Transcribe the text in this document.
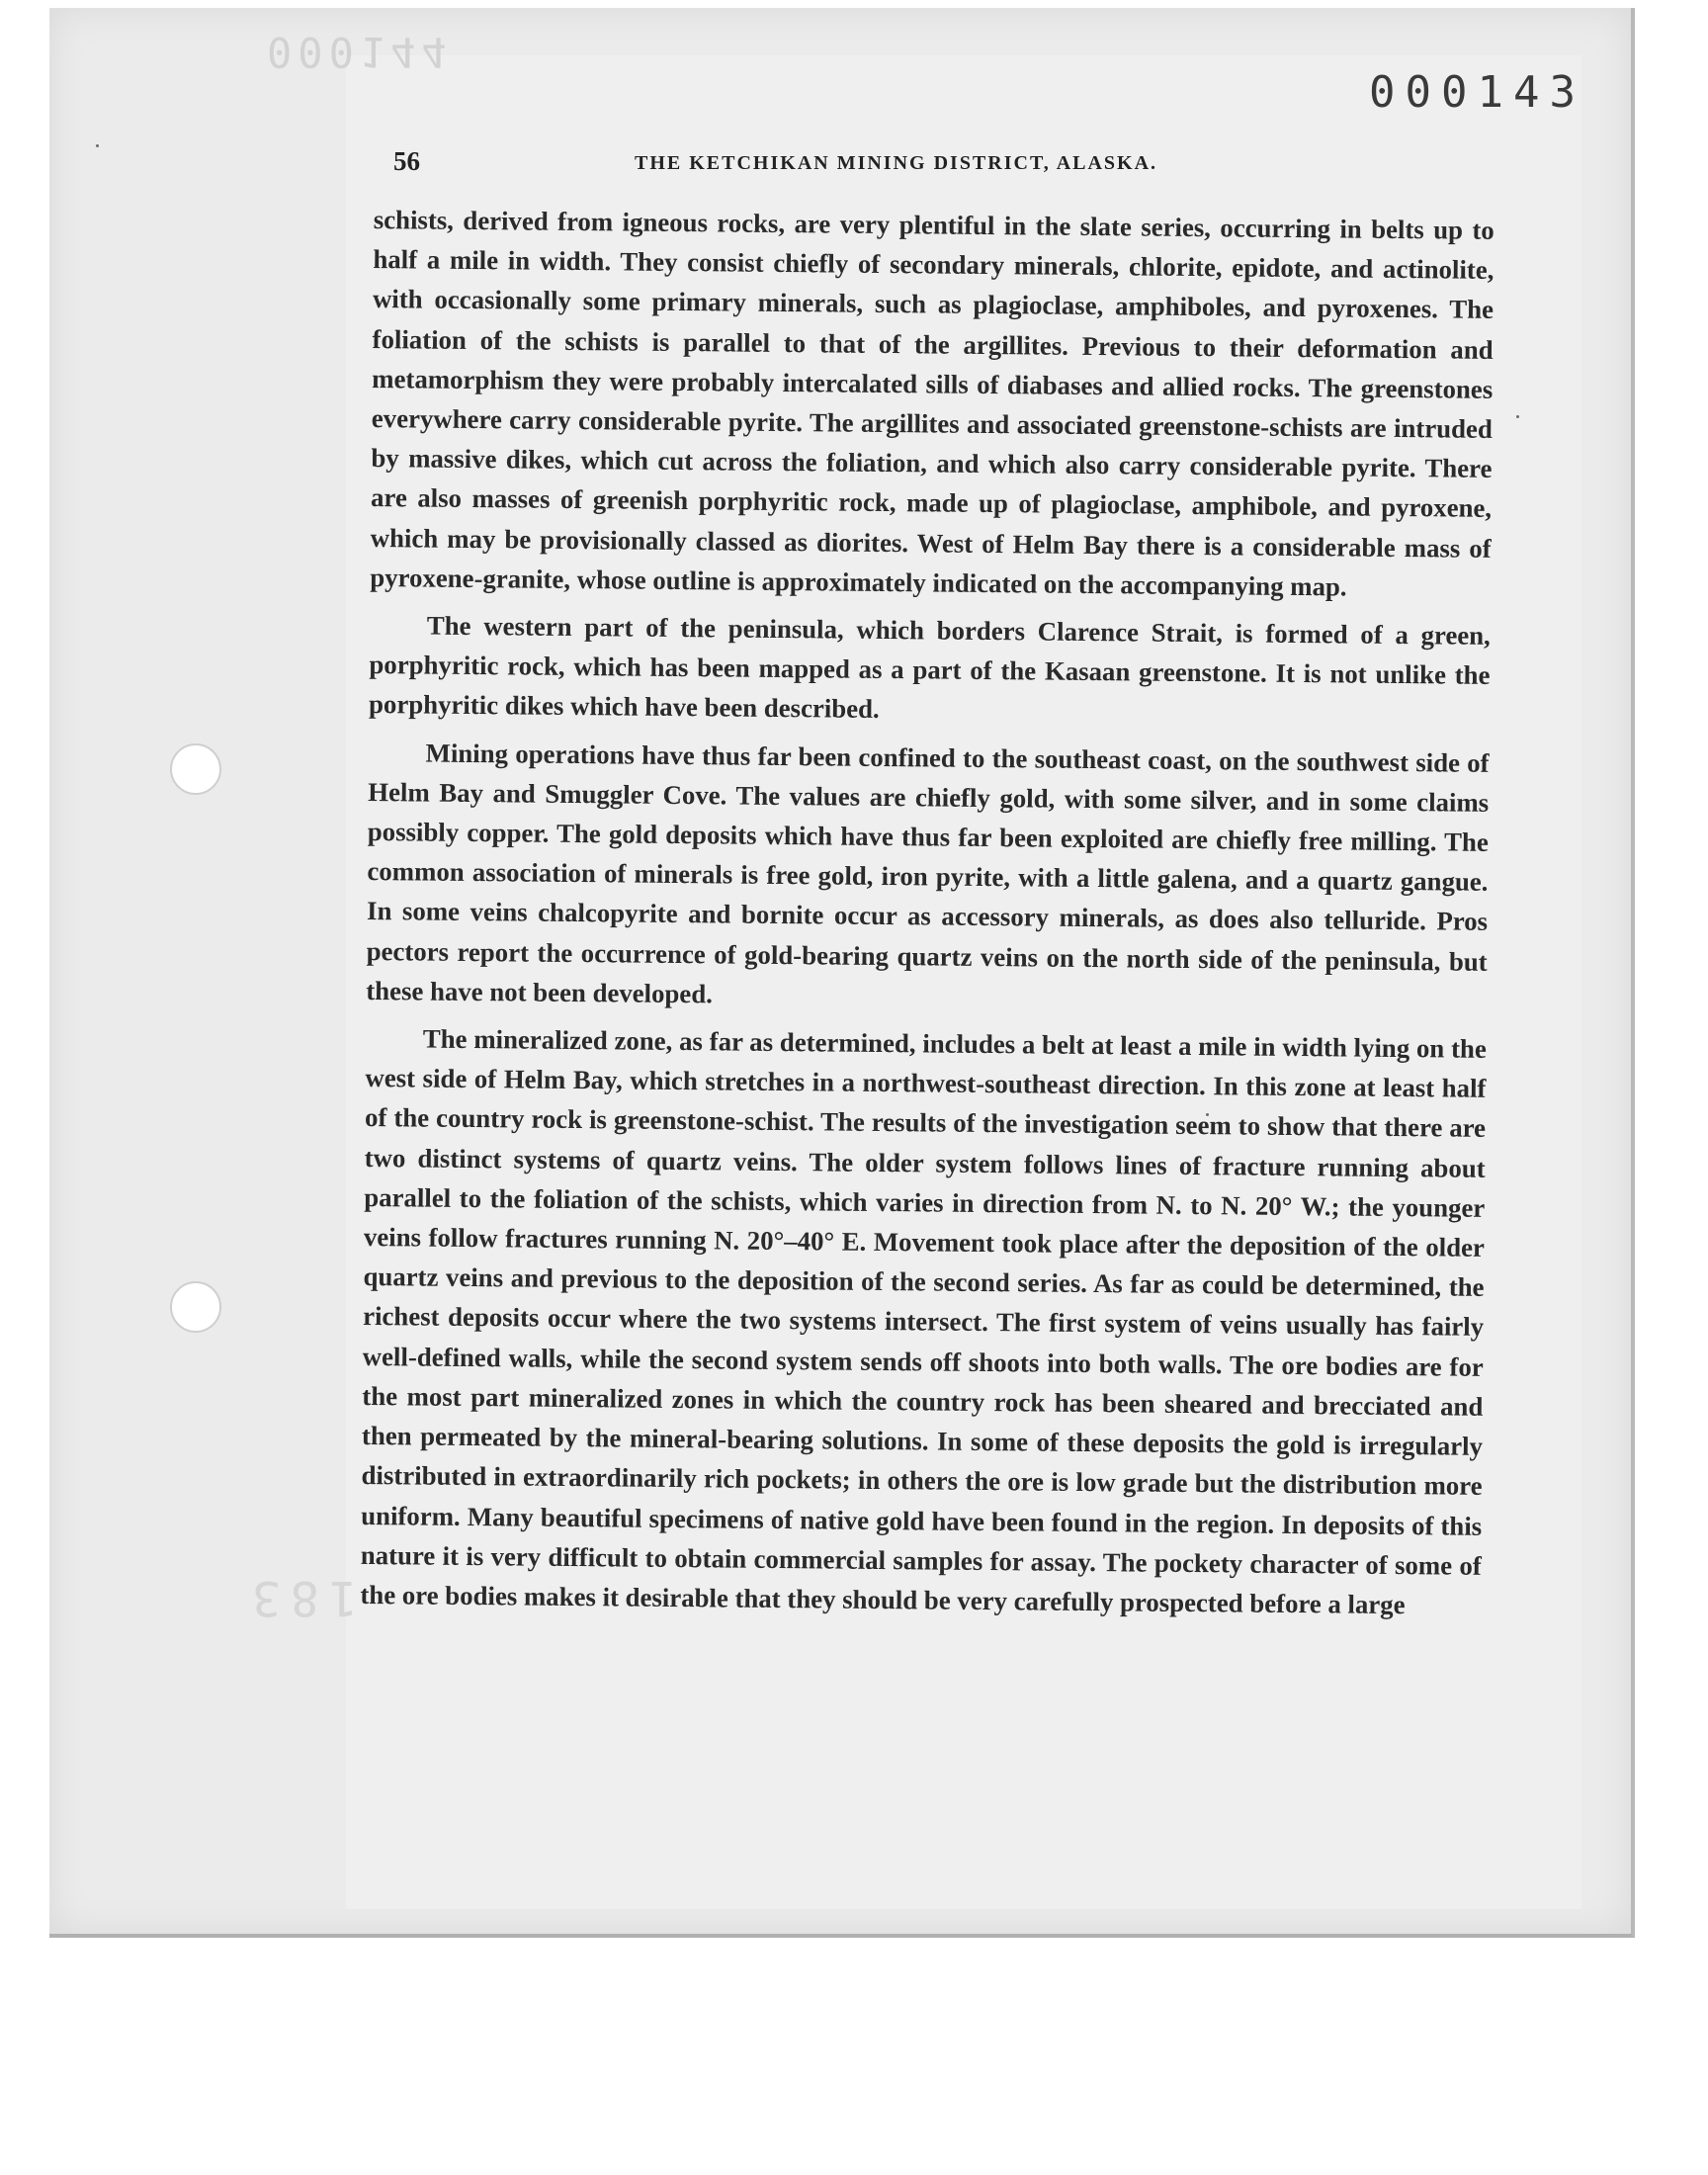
000144
183
000143
56	THE KETCHIKAN MINING DISTRICT, ALASKA.

schists, derived from igneous rocks, are very plentiful in the slate series, occurring in belts up to half a mile in width. They consist chiefly of secondary minerals, chlorite, epidote, and actinolite, with occasionally some primary minerals, such as plagioclase, amphiboles, and pyroxenes. The foliation of the schists is parallel to that of the argillites. Previous to their deformation and metamorphism they were probably intercalated sills of diabases and allied rocks. The greenstones everywhere carry considerable pyrite. The argillites and associated greenstone-schists are intruded by massive dikes, which cut across the foliation, and which also carry considerable pyrite. There are also masses of greenish porphyritic rock, made up of plagioclase, amphibole, and pyroxene, which may be provisionally classed as diorites. West of Helm Bay there is a considerable mass of pyroxene-granite, whose outline is approximately indicated on the accompanying map.

The western part of the peninsula, which borders Clarence Strait, is formed of a green, porphyritic rock, which has been mapped as a part of the Kasaan greenstone. It is not unlike the porphyritic dikes which have been described.

Mining operations have thus far been confined to the southeast coast, on the southwest side of Helm Bay and Smuggler Cove. The values are chiefly gold, with some silver, and in some claims possibly copper. The gold deposits which have thus far been exploited are chiefly free milling. The common association of minerals is free gold, iron pyrite, with a little galena, and a quartz gangue. In some veins chalcopyrite and bornite occur as accessory minerals, as does also telluride. Pros pectors report the occurrence of gold-bearing quartz veins on the north side of the peninsula, but these have not been developed.

The mineralized zone, as far as determined, includes a belt at least a mile in width lying on the west side of Helm Bay, which stretches in a northwest-southeast direction. In this zone at least half of the country rock is greenstone-schist. The results of the investigation seem to show that there are two distinct systems of quartz veins. The older system follows lines of fracture running about parallel to the foliation of the schists, which varies in direction from N. to N. 20° W.; the younger veins follow fractures running N. 20°–40° E. Movement took place after the deposition of the older quartz veins and previous to the deposition of the second series. As far as could be determined, the richest deposits occur where the two systems intersect. The first system of veins usually has fairly well-defined walls, while the second system sends off shoots into both walls. The ore bodies are for the most part mineralized zones in which the country rock has been sheared and brecciated and then permeated by the mineral-bearing solutions. In some of these deposits the gold is irregularly distributed in extraordinarily rich pockets; in others the ore is low grade but the distribution more uniform. Many beautiful specimens of native gold have been found in the region. In deposits of this nature it is very difficult to obtain commercial samples for assay. The pockety character of some of the ore bodies makes it desirable that they should be very carefully prospected before a large
